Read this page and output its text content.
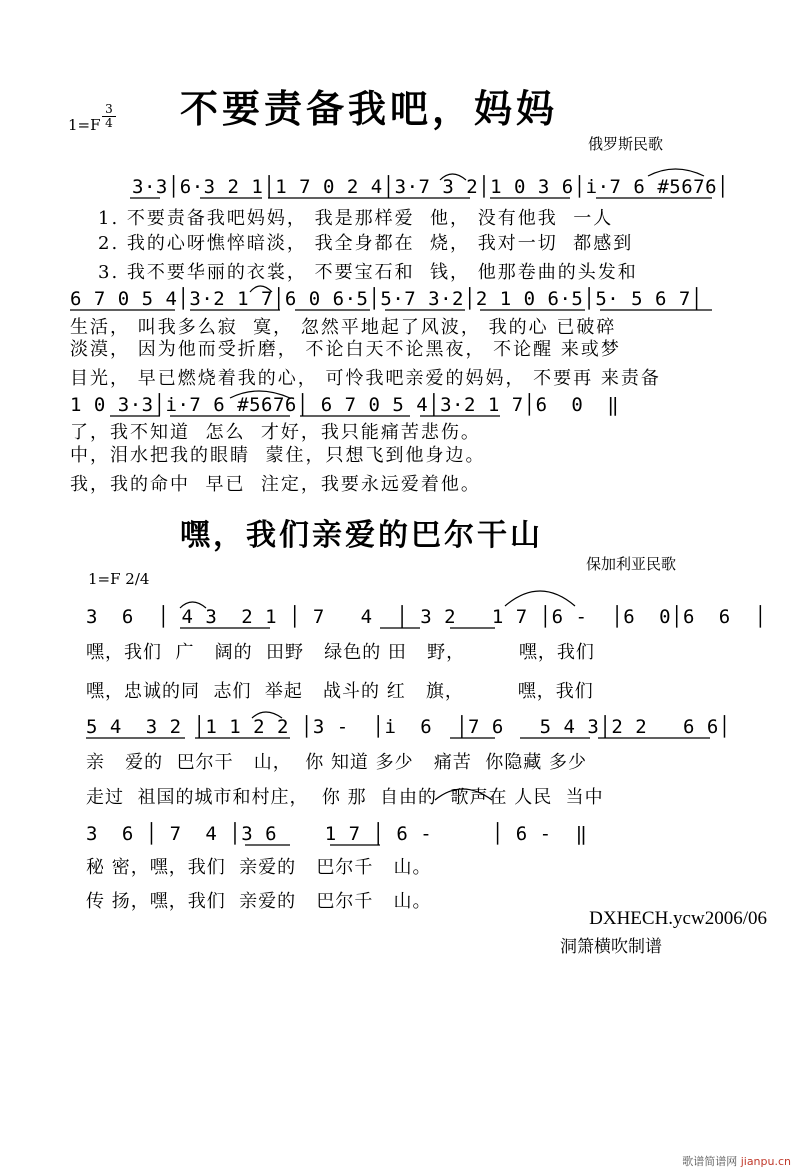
$1=F \frac{3}{4}$ 不要责备我吧，妈妈
俄罗斯民歌
3·3│6·3 2 1│1 7 0 2 4│3·7 3 2│1 0 3 6│i·7 6 #5676│
1. 不要责备我吧妈妈， 我是那样爱  他， 没有他我  一人
2. 我的心呀憔悴暗淡， 我全身都在  烧， 我对一切  都感到
3. 我不要华丽的衣裳， 不要宝石和  钱， 他那卷曲的头发和
6 7 0 5 4│3·2 1 7│6 0 6·5│5·7 3·2│2 1 0 6·5│5· 5 6 7│
生活， 叫我多么寂  寞， 忽然平地起了风波， 我的心 已破碎
淡漠， 因为他而受折磨， 不论白天不论黑夜， 不论醒 来或梦
目光， 早已燃烧着我的心， 可怜我吧亲爱的妈妈， 不要再 来责备
1 0 3·3│i·7 6 #5676│ 6 7 0 5 4│3·2 1 7│6  0  ‖
了，我不知道  怎么  才好，我只能痛苦悲伤。
中，泪水把我的眼睛  蒙住，只想飞到他身边。
我，我的命中  早已  注定，我要永远爱着他。
嘿，我们亲爱的巴尔干山
保加利亚民歌
1=F 2/4
3  6  │ 4 3  2 1 │ 7   4  │ 3 2   1 7 │6 -  │6  0│6  6  │
嘿，我们  广   阔的  田野   绿色的 田   野，        嘿，我们
嘿，忠诚的同  志们  举起   战斗的 红   旗，        嘿，我们
5 4  3 2 │1 1 2 2 │3 -  │i  6  │7 6   5 4 3│2 2   6 6│
亲   爱的  巴尔干   山，  你 知道 多少   痛苦  你隐藏 多少
走过  祖国的城市和村庄，  你 那  自由的  歌声在 人民  当中
3  6 │ 7  4 │3 6    1 7 │ 6 -     │ 6 -  ‖
秘 密，嘿，我们  亲爱的   巴尔千   山。
传 扬，嘿，我们  亲爱的   巴尔千   山。
DXHECH.ycw2006/06
洞箫横吹制谱
歌谱简谱网 jianpu.cn
